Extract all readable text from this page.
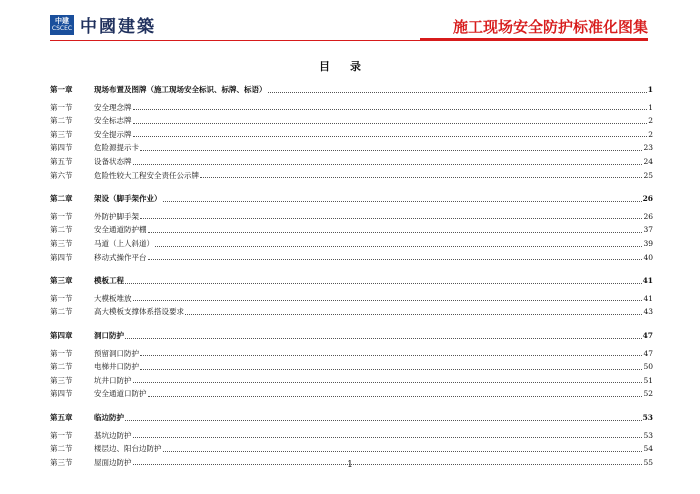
中建
CSCEC 中國建築	施工现场安全防护标准化图集
目录
第一章	现场布置及图牌（施工现场安全标识、标牌、标语）	1
第一节	安全理念牌	1
第二节	安全标志牌	2
第三节	安全提示牌	2
第四节	危险源提示卡	23
第五节	设备状态牌	24
第六节	危险性较大工程安全责任公示牌	25
第二章	架设（脚手架作业）	26
第一节	外防护脚手架	26
第二节	安全通道防护棚	37
第三节	马道（上人斜道）	39
第四节	移动式操作平台	40
第三章	模板工程	41
第一节	大模板堆放	41
第二节	高大模板支撑体系搭设要求	43
第四章	洞口防护	47
第一节	预留洞口防护	47
第二节	电梯井口防护	50
第三节	坑井口防护	51
第四节	安全通道口防护	52
第五章	临边防护	53
第一节	基坑边防护	53
第二节	楼层边、阳台边防护	54
第三节	屋面边防护	55
1
